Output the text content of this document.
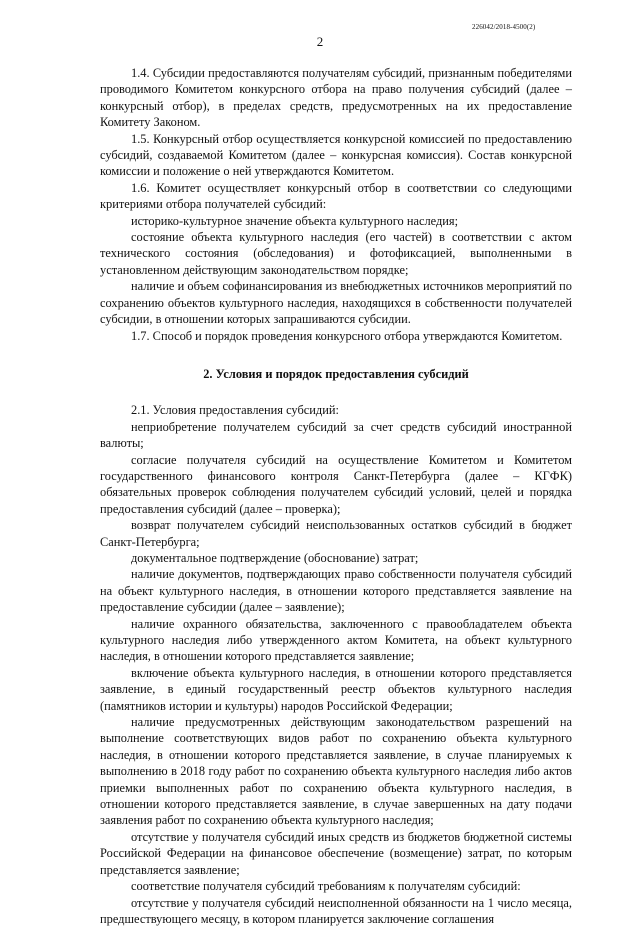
226042/2018-4500(2)
2

1.4. Субсидии предоставляются получателям субсидий, признанным победителями проводимого Комитетом конкурсного отбора на право получения субсидий (далее – конкурсный отбор), в пределах средств, предусмотренных на их предоставление Комитету Законом.

1.5. Конкурсный отбор осуществляется конкурсной комиссией по предоставлению субсидий, создаваемой Комитетом (далее – конкурсная комиссия). Состав конкурсной комиссии и положение о ней утверждаются Комитетом.

1.6. Комитет осуществляет конкурсный отбор в соответствии со следующими критериями отбора получателей субсидий:

историко-культурное значение объекта культурного наследия;

состояние объекта культурного наследия (его частей) в соответствии с актом технического состояния (обследования) и фотофиксацией, выполненными в установленном действующим законодательством порядке;

наличие и объем софинансирования из внебюджетных источников мероприятий по сохранению объектов культурного наследия, находящихся в собственности получателей субсидии, в отношении которых запрашиваются субсидии.

1.7. Способ и порядок проведения конкурсного отбора утверждаются Комитетом.

2. Условия и порядок предоставления субсидий

2.1. Условия предоставления субсидий:

неприобретение получателем субсидий за счет средств субсидий иностранной валюты;

согласие получателя субсидий на осуществление Комитетом и Комитетом государственного финансового контроля Санкт-Петербурга (далее – КГФК) обязательных проверок соблюдения получателем субсидий условий, целей и порядка предоставления субсидий (далее – проверка);

возврат получателем субсидий неиспользованных остатков субсидий в бюджет Санкт-Петербурга;

документальное подтверждение (обоснование) затрат;

наличие документов, подтверждающих право собственности получателя субсидий на объект культурного наследия, в отношении которого представляется заявление на предоставление субсидии (далее – заявление);

наличие охранного обязательства, заключенного с правообладателем объекта культурного наследия либо утвержденного актом Комитета, на объект культурного наследия, в отношении которого представляется заявление;

включение объекта культурного наследия, в отношении которого представляется заявление, в единый государственный реестр объектов культурного наследия (памятников истории и культуры) народов Российской Федерации;

наличие предусмотренных действующим законодательством разрешений на выполнение соответствующих видов работ по сохранению объекта культурного наследия, в отношении которого представляется заявление, в случае планируемых к выполнению в 2018 году работ по сохранению объекта культурного наследия либо актов приемки выполненных работ по сохранению объекта культурного наследия, в отношении которого представляется заявление, в случае завершенных на дату подачи заявления работ по сохранению объекта культурного наследия;

отсутствие у получателя субсидий иных средств из бюджетов бюджетной системы Российской Федерации на финансовое обеспечение (возмещение) затрат, по которым представляется заявление;

соответствие получателя субсидий требованиям к получателям субсидий:

отсутствие у получателя субсидий неисполненной обязанности на 1 число месяца, предшествующего месяцу, в котором планируется заключение соглашения
